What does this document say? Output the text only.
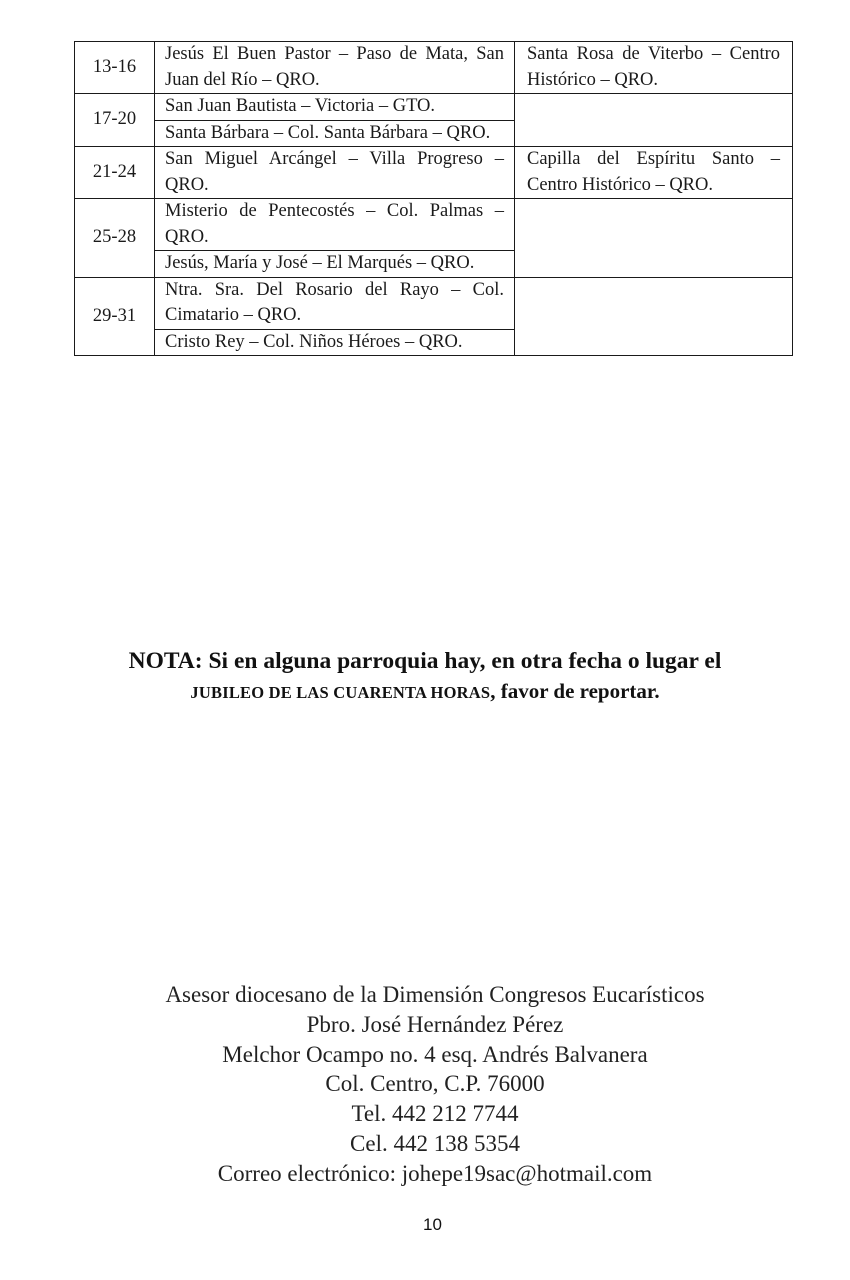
13-16	Jesús El Buen Pastor – Paso de Mata, San Juan del Río – QRO.	Santa Rosa de Viterbo – Centro Histórico – QRO.
17-20	San Juan Bautista – Victoria – GTO.	
	Santa Bárbara – Col. Santa Bárbara – QRO.	
21-24	San Miguel Arcángel – Villa Progreso – QRO.	Capilla del Espíritu Santo – Centro Histórico – QRO.
25-28	Misterio de Pentecostés – Col. Palmas – QRO.	
	Jesús, María y José – El Marqués – QRO.	
29-31	Ntra. Sra. Del Rosario del Rayo – Col. Cimatario – QRO.	
	Cristo Rey – Col. Niños Héroes – QRO.	
NOTA: Si en alguna parroquia hay, en otra fecha o lugar el
JUBILEO DE LAS CUARENTA HORAS, favor de reportar.
Asesor diocesano de la Dimensión Congresos Eucarísticos
Pbro. José Hernández Pérez
Melchor Ocampo no. 4 esq. Andrés Balvanera
Col. Centro, C.P. 76000
Tel. 442 212 7744
Cel. 442 138 5354
Correo electrónico: johepe19sac@hotmail.com
10
